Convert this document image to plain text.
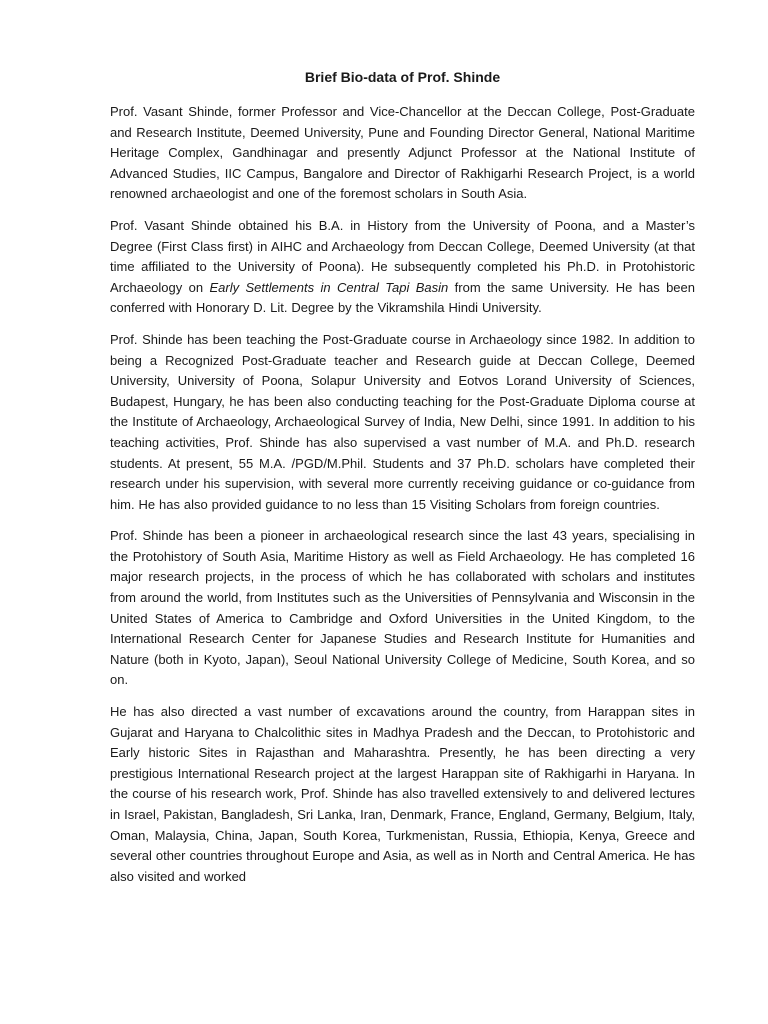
Brief Bio-data of Prof. Shinde

Prof. Vasant Shinde, former Professor and Vice-Chancellor at the Deccan College, Post-Graduate and Research Institute, Deemed University, Pune and Founding Director General, National Maritime Heritage Complex, Gandhinagar and presently Adjunct Professor at the National Institute of Advanced Studies, IIC Campus, Bangalore and Director of Rakhigarhi Research Project, is a world renowned archaeologist and one of the foremost scholars in South Asia.

Prof. Vasant Shinde obtained his B.A. in History from the University of Poona, and a Master’s Degree (First Class first) in AIHC and Archaeology from Deccan College, Deemed University (at that time affiliated to the University of Poona). He subsequently completed his Ph.D. in Protohistoric Archaeology on Early Settlements in Central Tapi Basin from the same University. He has been conferred with Honorary D. Lit. Degree by the Vikramshila Hindi University.

Prof. Shinde has been teaching the Post-Graduate course in Archaeology since 1982. In addition to being a Recognized Post-Graduate teacher and Research guide at Deccan College, Deemed University, University of Poona, Solapur University and Eotvos Lorand University of Sciences, Budapest, Hungary, he has been also conducting teaching for the Post-Graduate Diploma course at the Institute of Archaeology, Archaeological Survey of India, New Delhi, since 1991. In addition to his teaching activities, Prof. Shinde has also supervised a vast number of M.A. and Ph.D. research students. At present, 55 M.A. /PGD/M.Phil. Students and 37 Ph.D. scholars have completed their research under his supervision, with several more currently receiving guidance or co-guidance from him. He has also provided guidance to no less than 15 Visiting Scholars from foreign countries.

Prof. Shinde has been a pioneer in archaeological research since the last 43 years, specialising in the Protohistory of South Asia, Maritime History as well as Field Archaeology. He has completed 16 major research projects, in the process of which he has collaborated with scholars and institutes from around the world, from Institutes such as the Universities of Pennsylvania and Wisconsin in the United States of America to Cambridge and Oxford Universities in the United Kingdom, to the International Research Center for Japanese Studies and Research Institute for Humanities and Nature (both in Kyoto, Japan), Seoul National University College of Medicine, South Korea, and so on.

He has also directed a vast number of excavations around the country, from Harappan sites in Gujarat and Haryana to Chalcolithic sites in Madhya Pradesh and the Deccan, to Protohistoric and Early historic Sites in Rajasthan and Maharashtra. Presently, he has been directing a very prestigious International Research project at the largest Harappan site of Rakhigarhi in Haryana. In the course of his research work, Prof. Shinde has also travelled extensively to and delivered lectures in Israel, Pakistan, Bangladesh, Sri Lanka, Iran, Denmark, France, England, Germany, Belgium, Italy, Oman, Malaysia, China, Japan, South Korea, Turkmenistan, Russia, Ethiopia, Kenya, Greece and several other countries throughout Europe and Asia, as well as in North and Central America. He has also visited and worked
